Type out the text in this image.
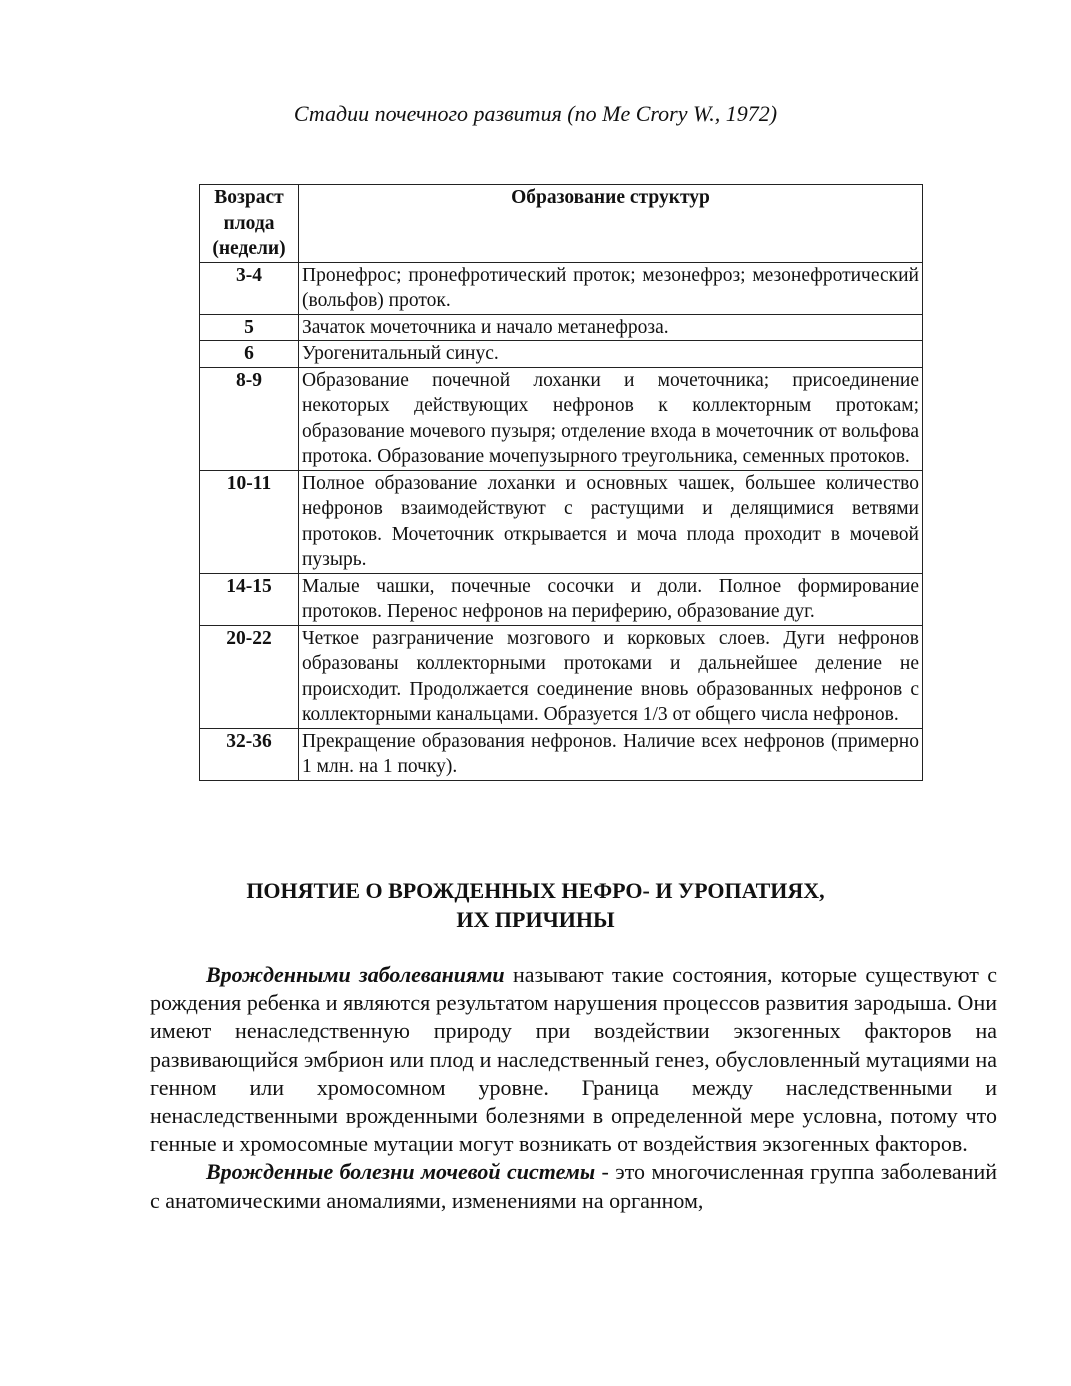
Стадии почечного развития (по Me Crory W., 1972)
Возраст плода (недели)	Образование структур
3-4	Пронефрос; пронефротический проток; мезонефроз; мезонефротический (вольфов) проток.
5	Зачаток мочеточника и начало метанефроза.
6	Урогенитальный синус.
8-9	Образование почечной лоханки и мочеточника; присоединение некоторых действующих нефронов к коллекторным протокам; образование мочевого пузыря; отделение входа в мочеточник от вольфова протока. Образование мочепузырного треугольника, семенных протоков.
10-11	Полное образование лоханки и основных чашек, большее количество нефронов взаимодействуют с растущими и делящимися ветвями протоков. Мочеточник открывается и моча плода проходит в мочевой пузырь.
14-15	Малые чашки, почечные сосочки и доли. Полное формирование протоков. Перенос нефронов на периферию, образование дуг.
20-22	Четкое разграничение мозгового и корковых слоев. Дуги нефронов образованы коллекторными протоками и дальнейшее деление не происходит. Продолжается соединение вновь образованных нефронов с коллекторными канальцами. Образуется 1/3 от общего числа нефронов.
32-36	Прекращение образования нефронов. Наличие всех нефронов (примерно 1 млн. на 1 почку).
ПОНЯТИЕ О ВРОЖДЕННЫХ НЕФРО- И УРОПАТИЯХ,
ИХ ПРИЧИНЫ

Врожденными заболеваниями называют такие состояния, которые существуют с рождения ребенка и являются результатом нарушения процессов развития зародыша. Они имеют ненаследственную природу при воздействии экзогенных факторов на развивающийся эмбрион или плод и наследственный генез, обусловленный мутациями на генном или хромосомном уровне. Граница между наследственными и ненаследственными врожденными болезнями в определенной мере условна, потому что генные и хромосомные мутации могут возникать от воздействия экзогенных факторов.

Врожденные болезни мочевой системы - это многочисленная группа заболеваний с анатомическими аномалиями, изменениями на органном,
